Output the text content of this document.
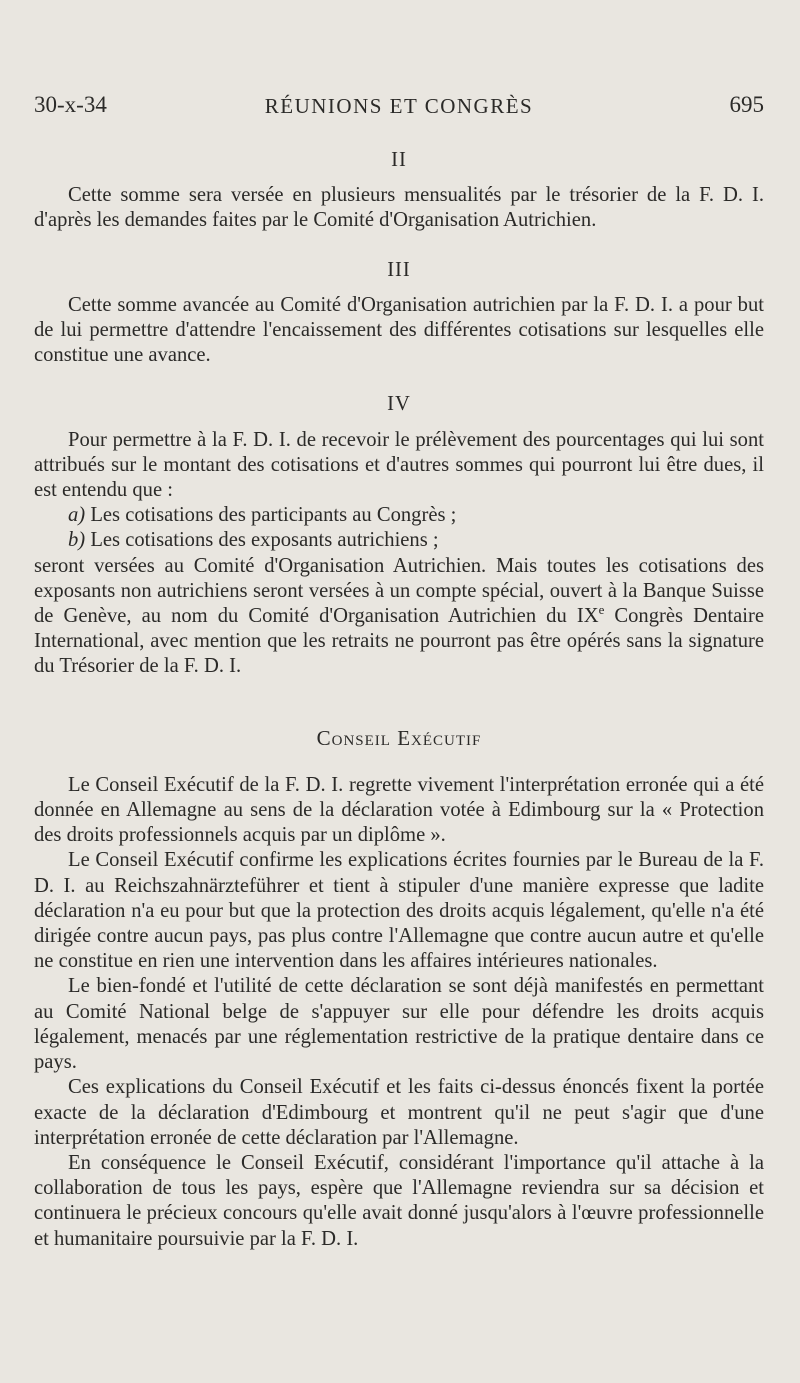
30-x-34	RÉUNIONS ET CONGRÈS	695
II

Cette somme sera versée en plusieurs mensualités par le trésorier de la F. D. I. d'après les demandes faites par le Comité d'Organisation Autrichien.

III

Cette somme avancée au Comité d'Organisation autrichien par la F. D. I. a pour but de lui permettre d'attendre l'encaissement des différentes cotisations sur lesquelles elle constitue une avance.

IV

Pour permettre à la F. D. I. de recevoir le prélèvement des pourcentages qui lui sont attribués sur le montant des cotisations et d'autres sommes qui pourront lui être dues, il est entendu que :

a) Les cotisations des participants au Congrès ;

b) Les cotisations des exposants autrichiens ;

seront versées au Comité d'Organisation Autrichien. Mais toutes les cotisations des exposants non autrichiens seront versées à un compte spécial, ouvert à la Banque Suisse de Genève, au nom du Comité d'Organisation Autrichien du IXe Congrès Dentaire International, avec mention que les retraits ne pourront pas être opérés sans la signature du Trésorier de la F. D. I.

Conseil Exécutif

Le Conseil Exécutif de la F. D. I. regrette vivement l'interprétation erronée qui a été donnée en Allemagne au sens de la déclaration votée à Edimbourg sur la « Protection des droits professionnels acquis par un diplôme ».

Le Conseil Exécutif confirme les explications écrites fournies par le Bureau de la F. D. I. au Reichszahnärzteführer et tient à stipuler d'une manière expresse que ladite déclaration n'a eu pour but que la protection des droits acquis légalement, qu'elle n'a été dirigée contre aucun pays, pas plus contre l'Allemagne que contre aucun autre et qu'elle ne constitue en rien une intervention dans les affaires intérieures nationales.

Le bien-fondé et l'utilité de cette déclaration se sont déjà manifestés en permettant au Comité National belge de s'appuyer sur elle pour défendre les droits acquis légalement, menacés par une réglementation restrictive de la pratique dentaire dans ce pays.

Ces explications du Conseil Exécutif et les faits ci-dessus énoncés fixent la portée exacte de la déclaration d'Edimbourg et montrent qu'il ne peut s'agir que d'une interprétation erronée de cette déclaration par l'Allemagne.

En conséquence le Conseil Exécutif, considérant l'importance qu'il attache à la collaboration de tous les pays, espère que l'Allemagne reviendra sur sa décision et continuera le précieux concours qu'elle avait donné jusqu'alors à l'œuvre professionnelle et humanitaire poursuivie par la F. D. I.
